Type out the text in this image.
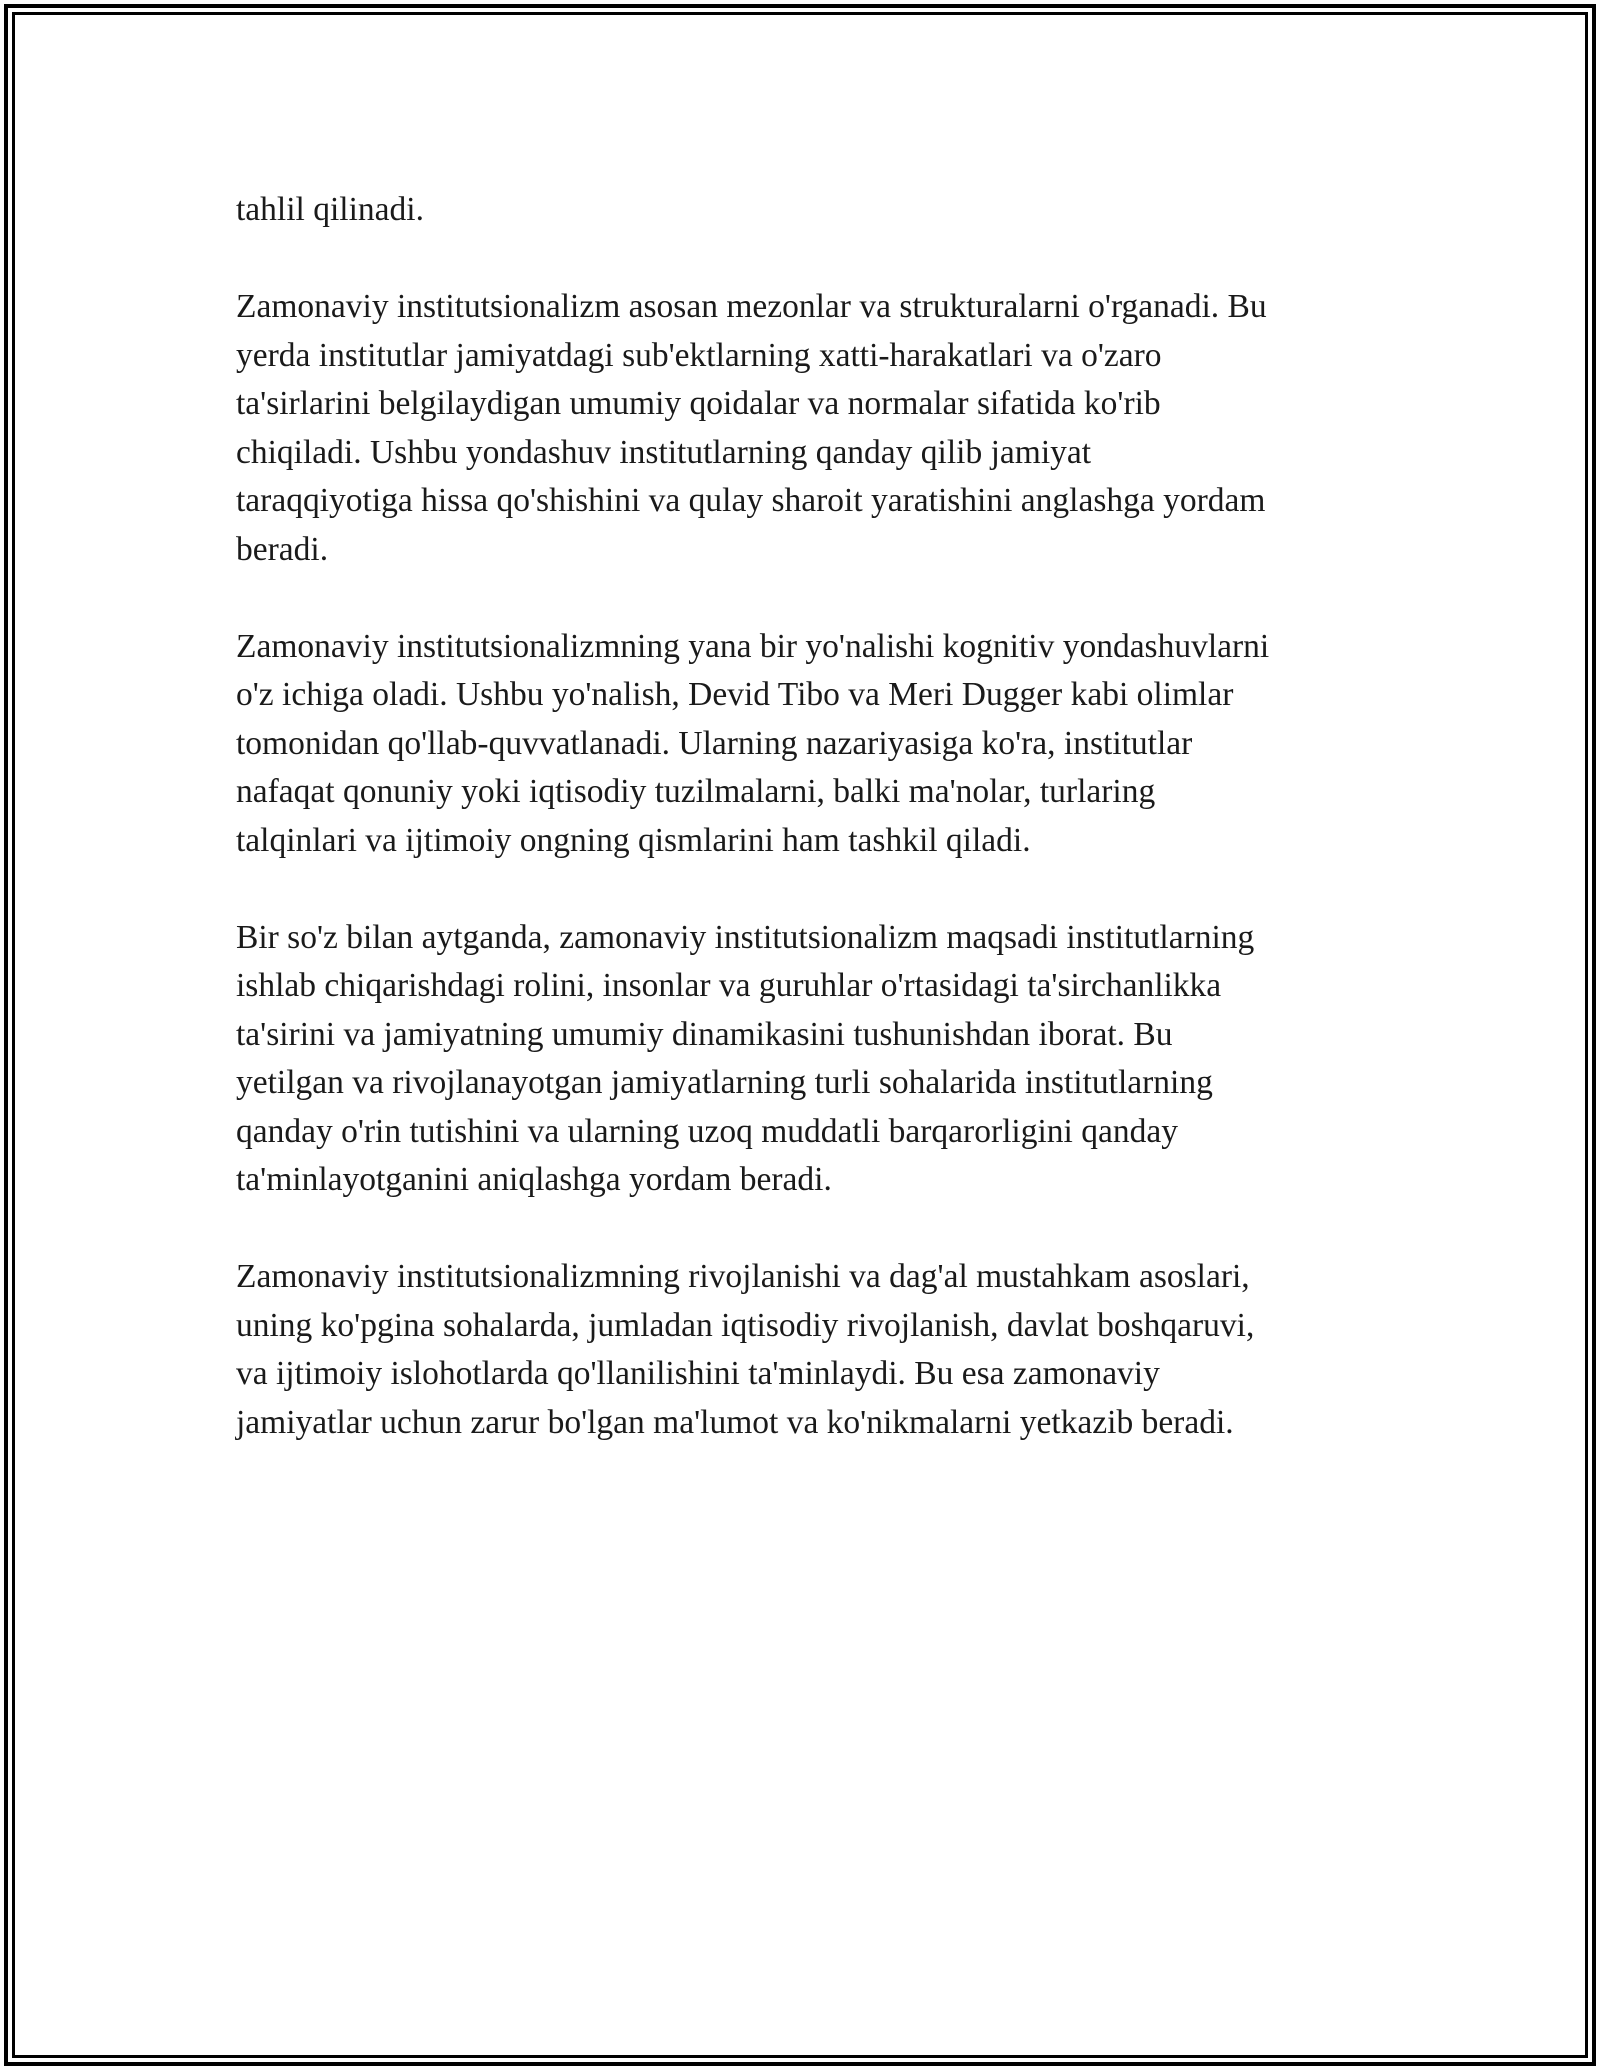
tahlil qilinadi.

Zamonaviy institutsionalizm asosan mezonlar va strukturalarni o'rganadi. Bu
yerda institutlar jamiyatdagi sub'ektlarning xatti-harakatlari va o'zaro
ta'sirlarini belgilaydigan umumiy qoidalar va normalar sifatida ko'rib
chiqiladi. Ushbu yondashuv institutlarning qanday qilib jamiyat
taraqqiyotiga hissa qo'shishini va qulay sharoit yaratishini anglashga yordam
beradi.

Zamonaviy institutsionalizmning yana bir yo'nalishi kognitiv yondashuvlarni
o'z ichiga oladi. Ushbu yo'nalish, Devid Tibo va Meri Dugger kabi olimlar
tomonidan qo'llab-quvvatlanadi. Ularning nazariyasiga ko'ra, institutlar
nafaqat qonuniy yoki iqtisodiy tuzilmalarni, balki ma'nolar, turlaring
talqinlari va ijtimoiy ongning qismlarini ham tashkil qiladi.

Bir so'z bilan aytganda, zamonaviy institutsionalizm maqsadi institutlarning
ishlab chiqarishdagi rolini, insonlar va guruhlar o'rtasidagi ta'sirchanlikka
ta'sirini va jamiyatning umumiy dinamikasini tushunishdan iborat. Bu
yetilgan va rivojlanayotgan jamiyatlarning turli sohalarida institutlarning
qanday o'rin tutishini va ularning uzoq muddatli barqarorligini qanday
ta'minlayotganini aniqlashga yordam beradi.

Zamonaviy institutsionalizmning rivojlanishi va dag'al mustahkam asoslari,
uning ko'pgina sohalarda, jumladan iqtisodiy rivojlanish, davlat boshqaruvi,
va ijtimoiy islohotlarda qo'llanilishini ta'minlaydi. Bu esa zamonaviy
jamiyatlar uchun zarur bo'lgan ma'lumot va ko'nikmalarni yetkazib beradi.
